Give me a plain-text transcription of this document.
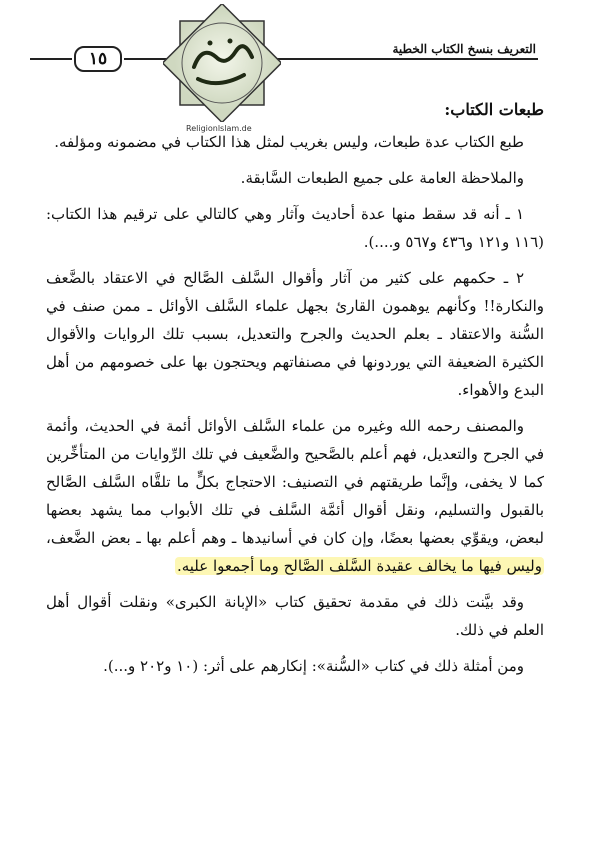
١٥	التعريف بنسخ الكتاب الخطية
Religionlslam.de
طبعات الكتاب:

طبع الكتاب عدة طبعات، وليس بغريب لمثل هذا الكتاب في مضمونه ومؤلفه.

والملاحظة العامة على جميع الطبعات السَّابقة.

١ ـ أنه قد سقط منها عدة أحاديث وآثار وهي كالتالي على ترقيم هذا الكتاب: (١١٦ و١٢١ و٤٣٦ و٥٦٧ و....).

٢ ـ حكمهم على كثير من آثار وأقوال السَّلف الصَّالح في الاعتقاد بالضَّعف والنكارة!! وكأنهم يوهمون القارئ بجهل علماء السَّلف الأوائل ـ ممن صنف في السُّنة والاعتقاد ـ بعلم الحديث والجرح والتعديل، بسبب تلك الروايات والأقوال الكثيرة الضعيفة التي يوردونها في مصنفاتهم ويحتجون بها على خصومهم من أهل البدع والأهواء.

والمصنف رحمه الله وغيره من علماء السَّلف الأوائل أئمة في الحديث، وأئمة في الجرح والتعديل، فهم أعلم بالصَّحيح والضَّعيف في تلك الرِّوايات من المتأخِّرين كما لا يخفى، وإنَّما طريقتهم في التصنيف: الاحتجاج بكلٍّ ما تلقَّاه السَّلف الصَّالح بالقبول والتسليم، ونقل أقوال أئمَّة السَّلف في تلك الأبواب مما يشهد بعضها لبعض، ويقوِّي بعضها بعضًا، وإن كان في أسانيدها ـ وهم أعلم بها ـ بعض الضَّعف، وليس فيها ما يخالف عقيدة السَّلف الصَّالح وما أجمعوا عليه.

وقد بيَّنت ذلك في مقدمة تحقيق كتاب «الإبانة الكبرى» ونقلت أقوال أهل العلم في ذلك.

ومن أمثلة ذلك في كتاب «السُّنة»: إنكارهم على أثر: (١٠ و٢٠٢ و...).
